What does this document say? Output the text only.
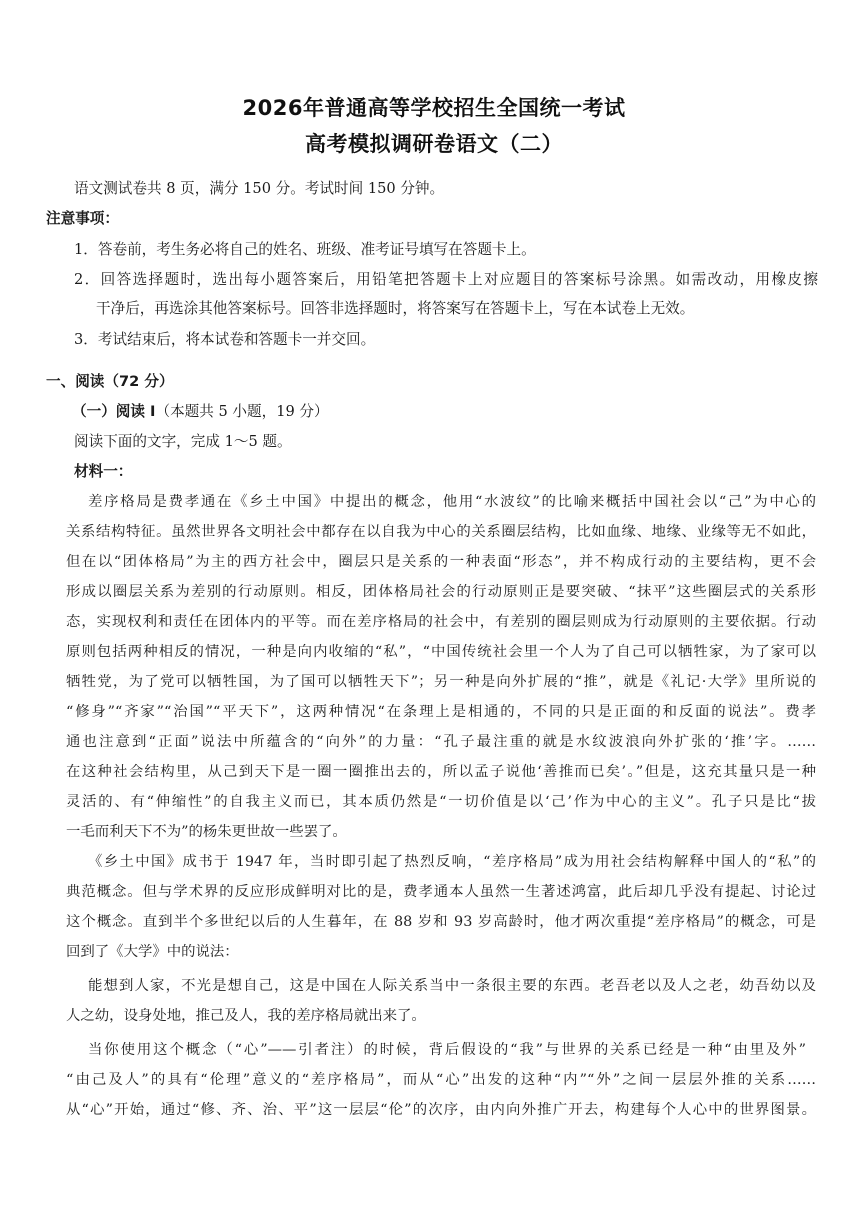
2026年普通高等学校招生全国统一考试
高考模拟调研卷语文（二）
语文测试卷共 8 页，满分 150 分。考试时间 150 分钟。
注意事项：
1．答卷前，考生务必将自己的姓名、班级、准考证号填写在答题卡上。
2．回答选择题时，选出每小题答案后，用铅笔把答题卡上对应题目的答案标号涂黑。如需改动，用橡皮擦
干净后，再选涂其他答案标号。回答非选择题时，将答案写在答题卡上，写在本试卷上无效。
3．考试结束后，将本试卷和答题卡一并交回。
一、阅读（72 分）
（一）阅读 I（本题共 5 小题，19 分）
阅读下面的文字，完成 1～5 题。
材料一：
差序格局是费孝通在《乡土中国》中提出的概念，他用“水波纹”的比喻来概括中国社会以“己”为中心的
关系结构特征。虽然世界各文明社会中都存在以自我为中心的关系圈层结构，比如血缘、地缘、业缘等无不如此，
但在以“团体格局”为主的西方社会中，圈层只是关系的一种表面“形态”，并不构成行动的主要结构，更不会
形成以圈层关系为差别的行动原则。相反，团体格局社会的行动原则正是要突破、“抹平”这些圈层式的关系形
态，实现权利和责任在团体内的平等。而在差序格局的社会中，有差别的圈层则成为行动原则的主要依据。行动
原则包括两种相反的情况，一种是向内收缩的“私”，“中国传统社会里一个人为了自己可以牺牲家，为了家可以
牺牲党，为了党可以牺牲国，为了国可以牺牲天下”；另一种是向外扩展的“推”，就是《礼记·大学》里所说的
“修身”“齐家”“治国”“平天下”，这两种情况“在条理上是相通的，不同的只是正面的和反面的说法”。费孝
通也注意到“正面”说法中所蕴含的“向外”的力量：“孔子最注重的就是水纹波浪向外扩张的‘推’字。……
在这种社会结构里，从己到天下是一圈一圈推出去的，所以孟子说他‘善推而已矣’。”但是，这充其量只是一种
灵活的、有“伸缩性”的自我主义而已，其本质仍然是“一切价值是以‘己’作为中心的主义”。孔子只是比“拔
一毛而利天下不为”的杨朱更世故一些罢了。
《乡土中国》成书于 1947 年，当时即引起了热烈反响，“差序格局”成为用社会结构解释中国人的“私”的
典范概念。但与学术界的反应形成鲜明对比的是，费孝通本人虽然一生著述鸿富，此后却几乎没有提起、讨论过
这个概念。直到半个多世纪以后的人生暮年，在 88 岁和 93 岁高龄时，他才两次重提“差序格局”的概念，可是
回到了《大学》中的说法：
能想到人家，不光是想自己，这是中国在人际关系当中一条很主要的东西。老吾老以及人之老，幼吾幼以及
人之幼，设身处地，推己及人，我的差序格局就出来了。
当你使用这个概念（“心”——引者注）的时候，背后假设的“我”与世界的关系已经是一种“由里及外”
“由己及人”的具有“伦理”意义的“差序格局”，而从“心”出发的这种“内”“外”之间一层层外推的关系……
从“心”开始，通过“修、齐、治、平”这一层层“伦”的次序，由内向外推广开去，构建每个人心中的世界图景。
